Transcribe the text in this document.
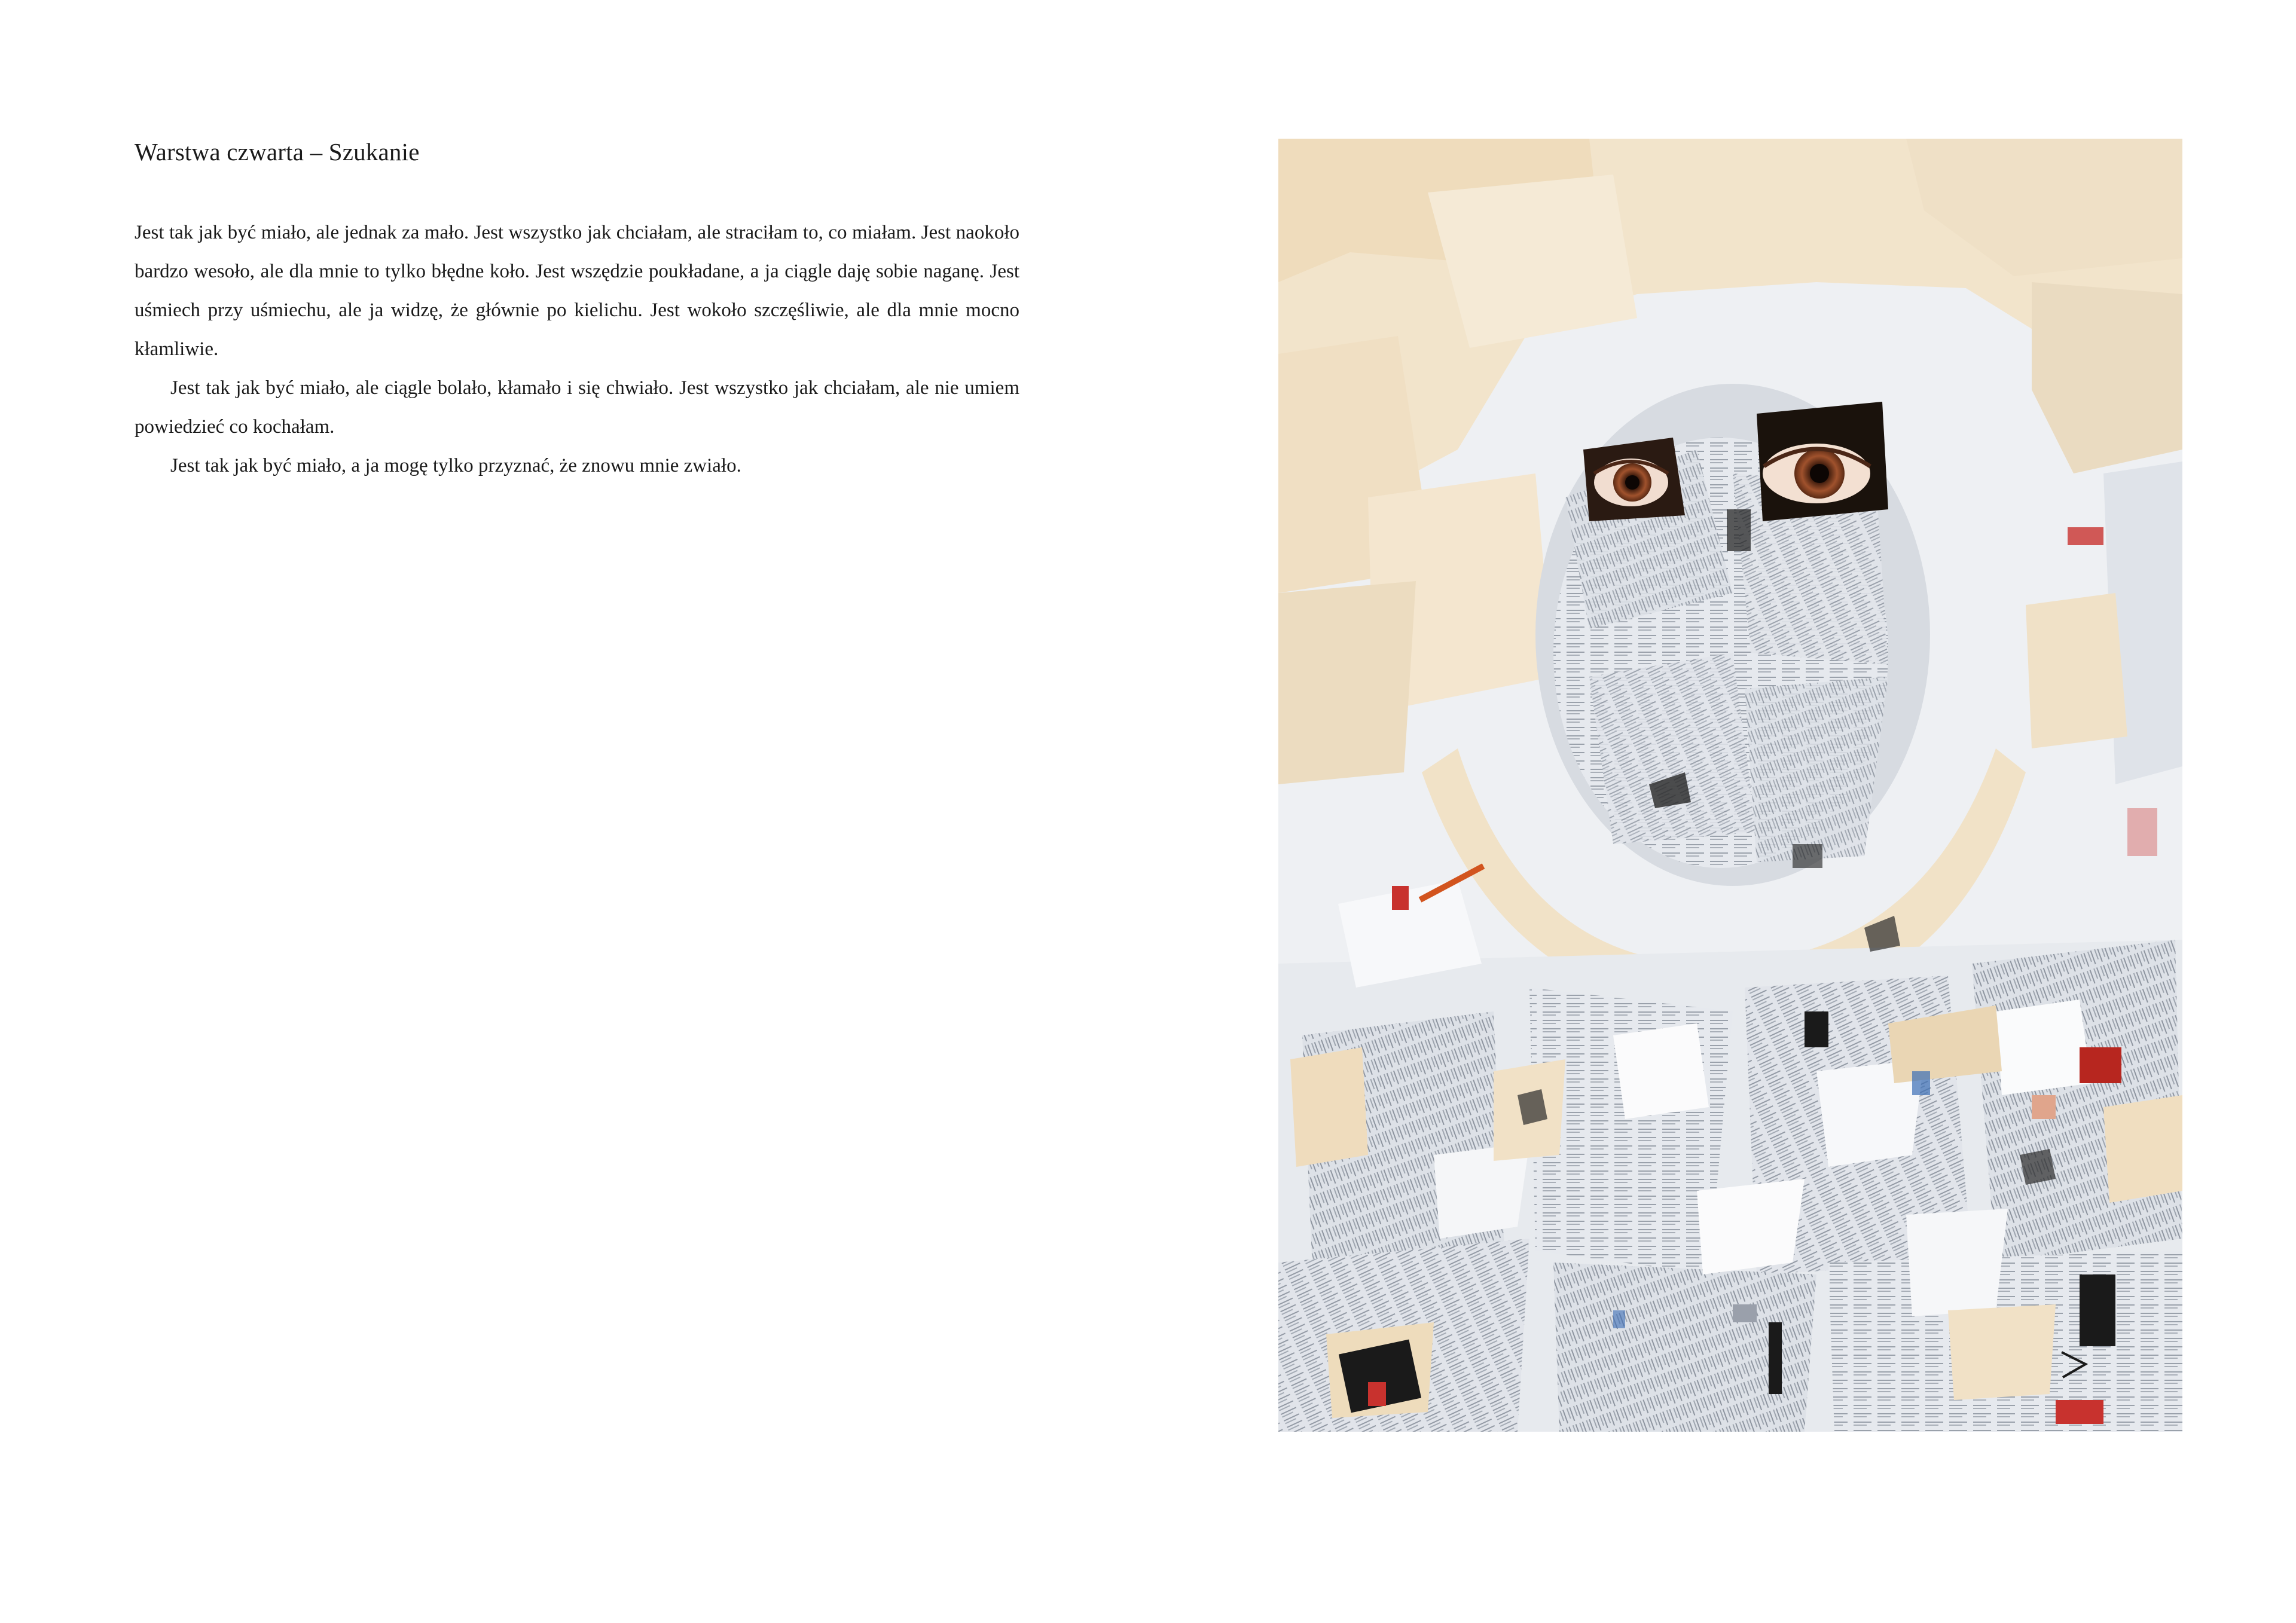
Warstwa czwarta – Szukanie

Jest tak jak być miało, ale jednak za mało. Jest wszystko jak chciałam, ale straciłam to, co miałam. Jest naokoło bardzo wesoło, ale dla mnie to tylko błędne koło. Jest wszędzie poukładane, a ja ciągle daję sobie naganę. Jest uśmiech przy uśmiechu, ale ja widzę, że głównie po kielichu. Jest wokoło szczęśliwie, ale dla mnie mocno kłamliwie.

Jest tak jak być miało, ale ciągle bolało, kłamało i się chwiało. Jest wszystko jak chciałam, ale nie umiem powiedzieć co kochałam.

Jest tak jak być miało, a ja mogę tylko przyznać, że znowu mnie zwiało.
